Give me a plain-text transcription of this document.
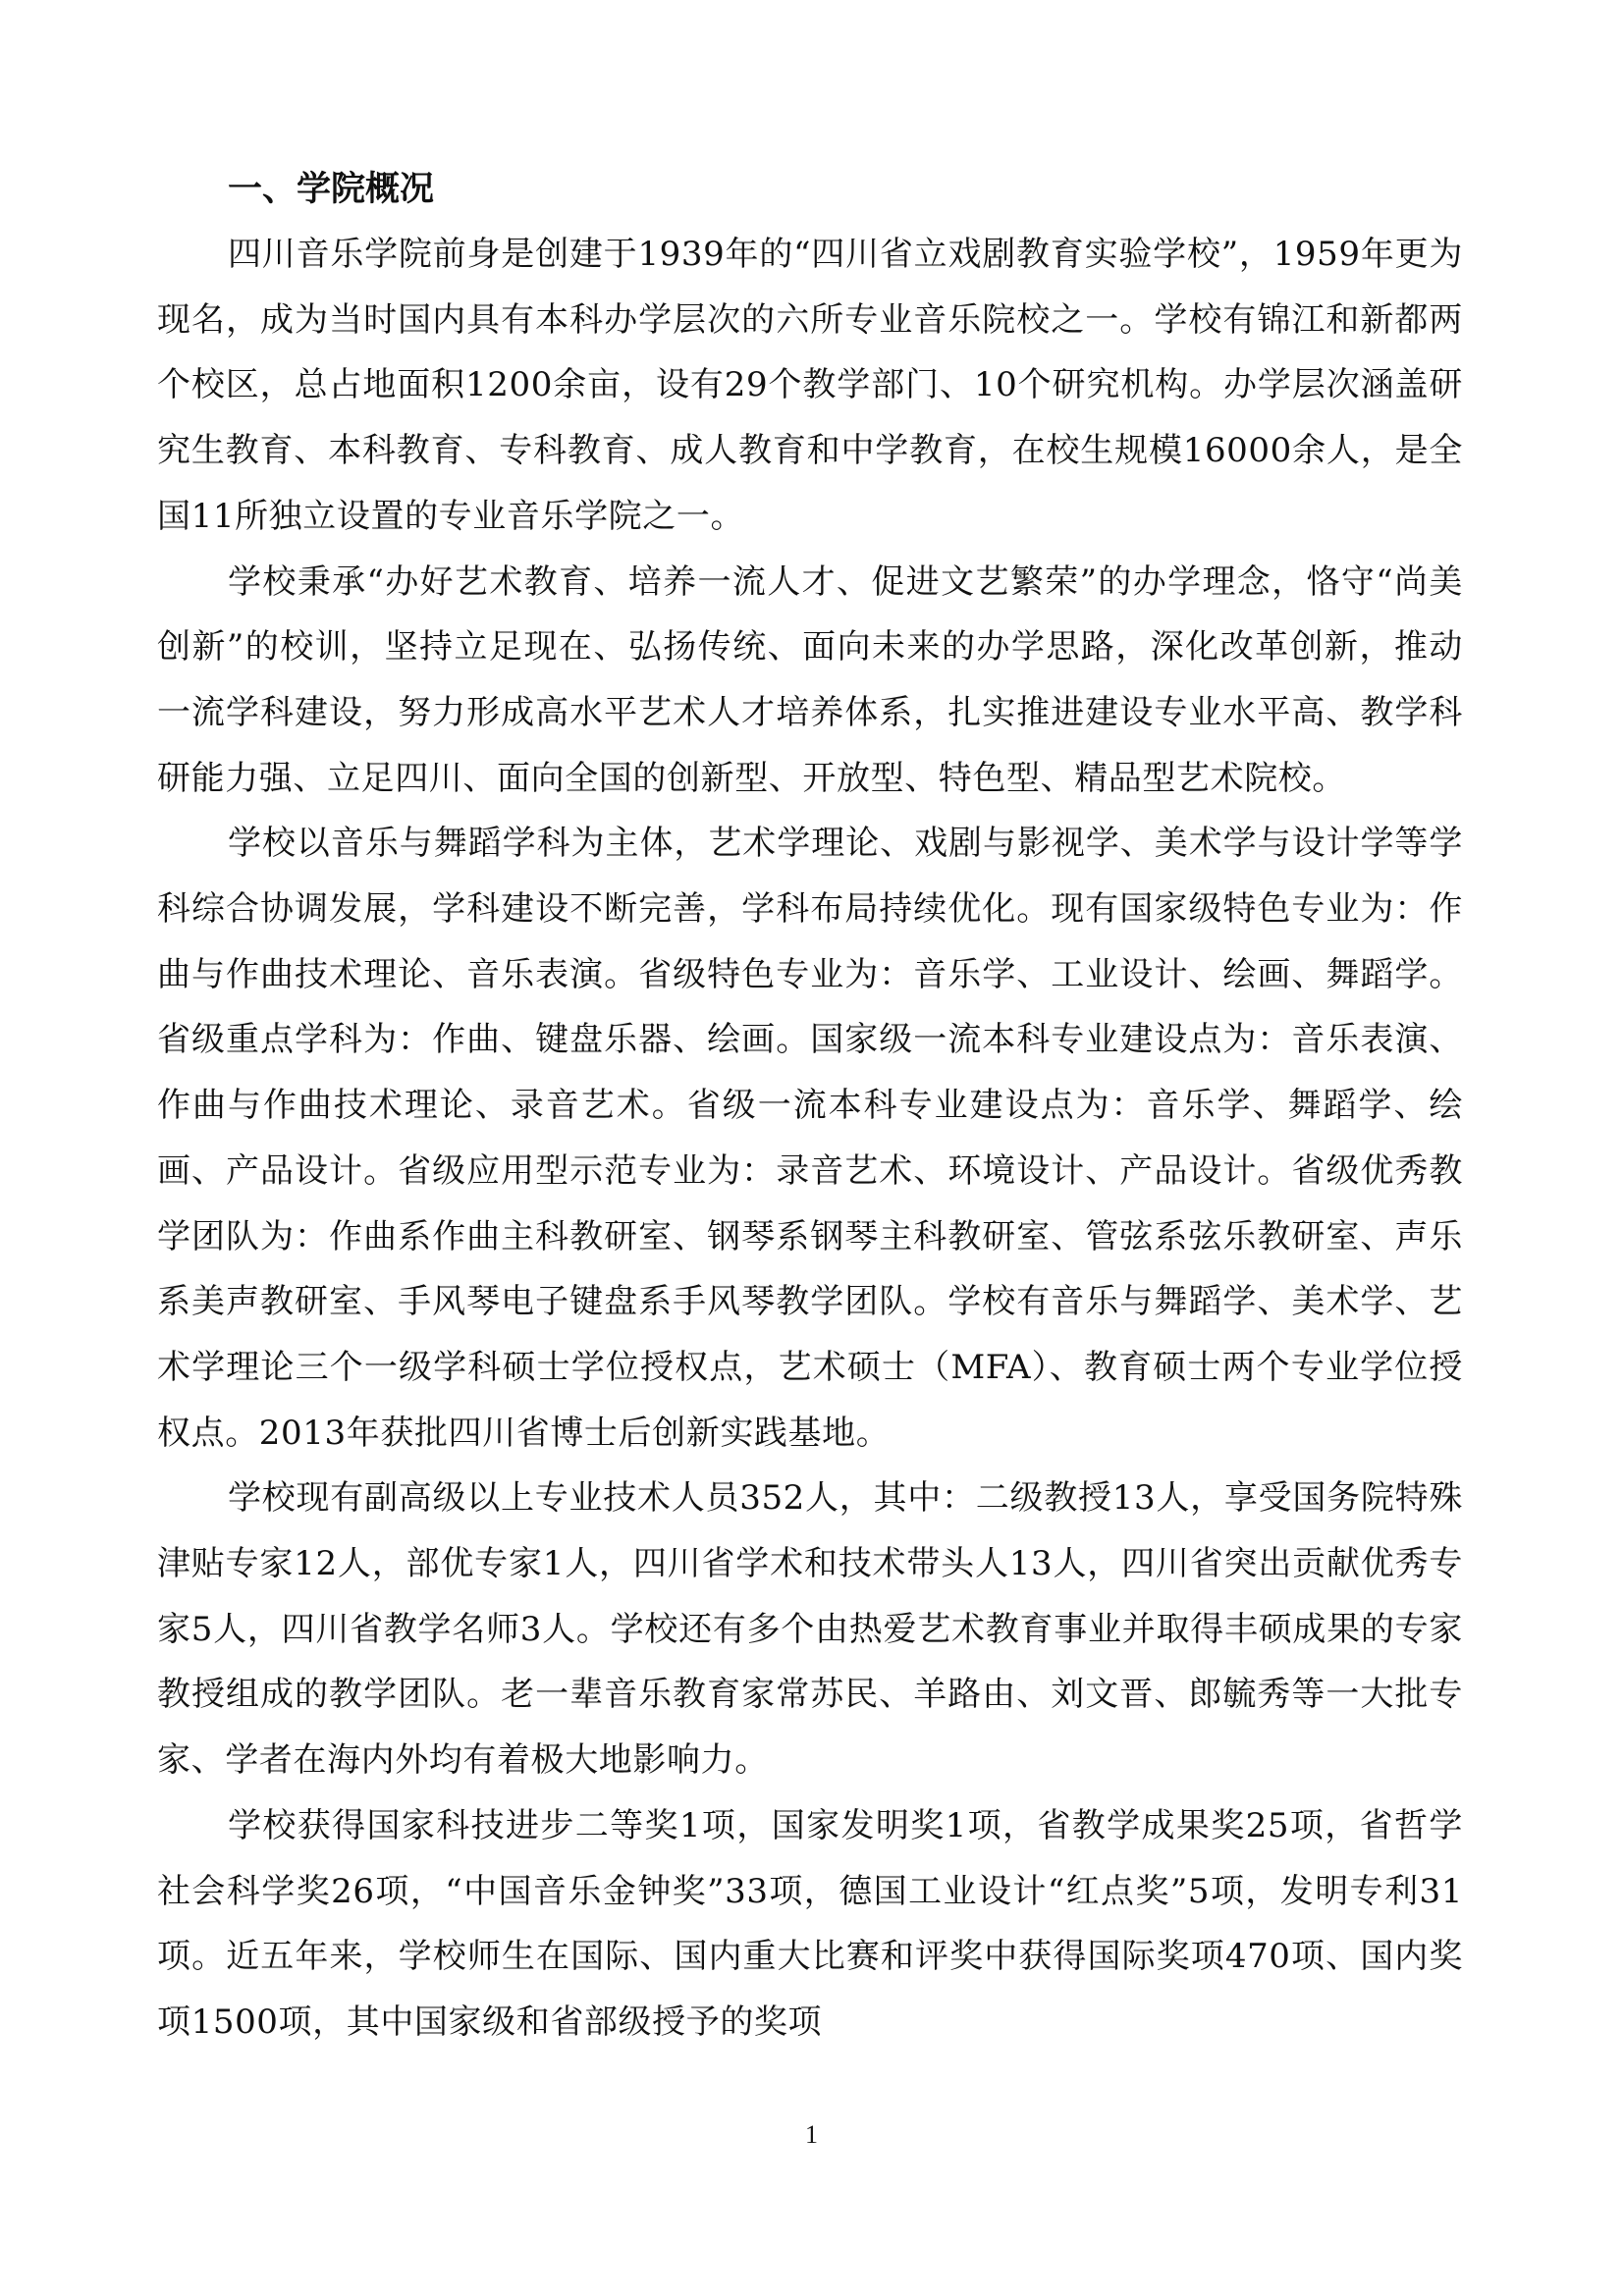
一、学院概况

四川音乐学院前身是创建于1939年的“四川省立戏剧教育实验学校”，1959年更为现名，成为当时国内具有本科办学层次的六所专业音乐院校之一。学校有锦江和新都两个校区，总占地面积1200余亩，设有29个教学部门、10个研究机构。办学层次涵盖研究生教育、本科教育、专科教育、成人教育和中学教育，在校生规模16000余人，是全国11所独立设置的专业音乐学院之一。

学校秉承“办好艺术教育、培养一流人才、促进文艺繁荣”的办学理念，恪守“尚美创新”的校训，坚持立足现在、弘扬传统、面向未来的办学思路，深化改革创新，推动一流学科建设，努力形成高水平艺术人才培养体系，扎实推进建设专业水平高、教学科研能力强、立足四川、面向全国的创新型、开放型、特色型、精品型艺术院校。

学校以音乐与舞蹈学科为主体，艺术学理论、戏剧与影视学、美术学与设计学等学科综合协调发展，学科建设不断完善，学科布局持续优化。现有国家级特色专业为：作曲与作曲技术理论、音乐表演。省级特色专业为：音乐学、工业设计、绘画、舞蹈学。省级重点学科为：作曲、键盘乐器、绘画。国家级一流本科专业建设点为：音乐表演、作曲与作曲技术理论、录音艺术。省级一流本科专业建设点为：音乐学、舞蹈学、绘画、产品设计。省级应用型示范专业为：录音艺术、环境设计、产品设计。省级优秀教学团队为：作曲系作曲主科教研室、钢琴系钢琴主科教研室、管弦系弦乐教研室、声乐系美声教研室、手风琴电子键盘系手风琴教学团队。学校有音乐与舞蹈学、美术学、艺术学理论三个一级学科硕士学位授权点，艺术硕士（MFA）、教育硕士两个专业学位授权点。2013年获批四川省博士后创新实践基地。

学校现有副高级以上专业技术人员352人，其中：二级教授13人，享受国务院特殊津贴专家12人，部优专家1人，四川省学术和技术带头人13人，四川省突出贡献优秀专家5人，四川省教学名师3人。学校还有多个由热爱艺术教育事业并取得丰硕成果的专家教授组成的教学团队。老一辈音乐教育家常苏民、羊路由、刘文晋、郎毓秀等一大批专家、学者在海内外均有着极大地影响力。

学校获得国家科技进步二等奖1项，国家发明奖1项，省教学成果奖25项，省哲学社会科学奖26项，“中国音乐金钟奖”33项，德国工业设计“红点奖”5项，发明专利31项。近五年来，学校师生在国际、国内重大比赛和评奖中获得国际奖项470项、国内奖项1500项，其中国家级和省部级授予的奖项

1
